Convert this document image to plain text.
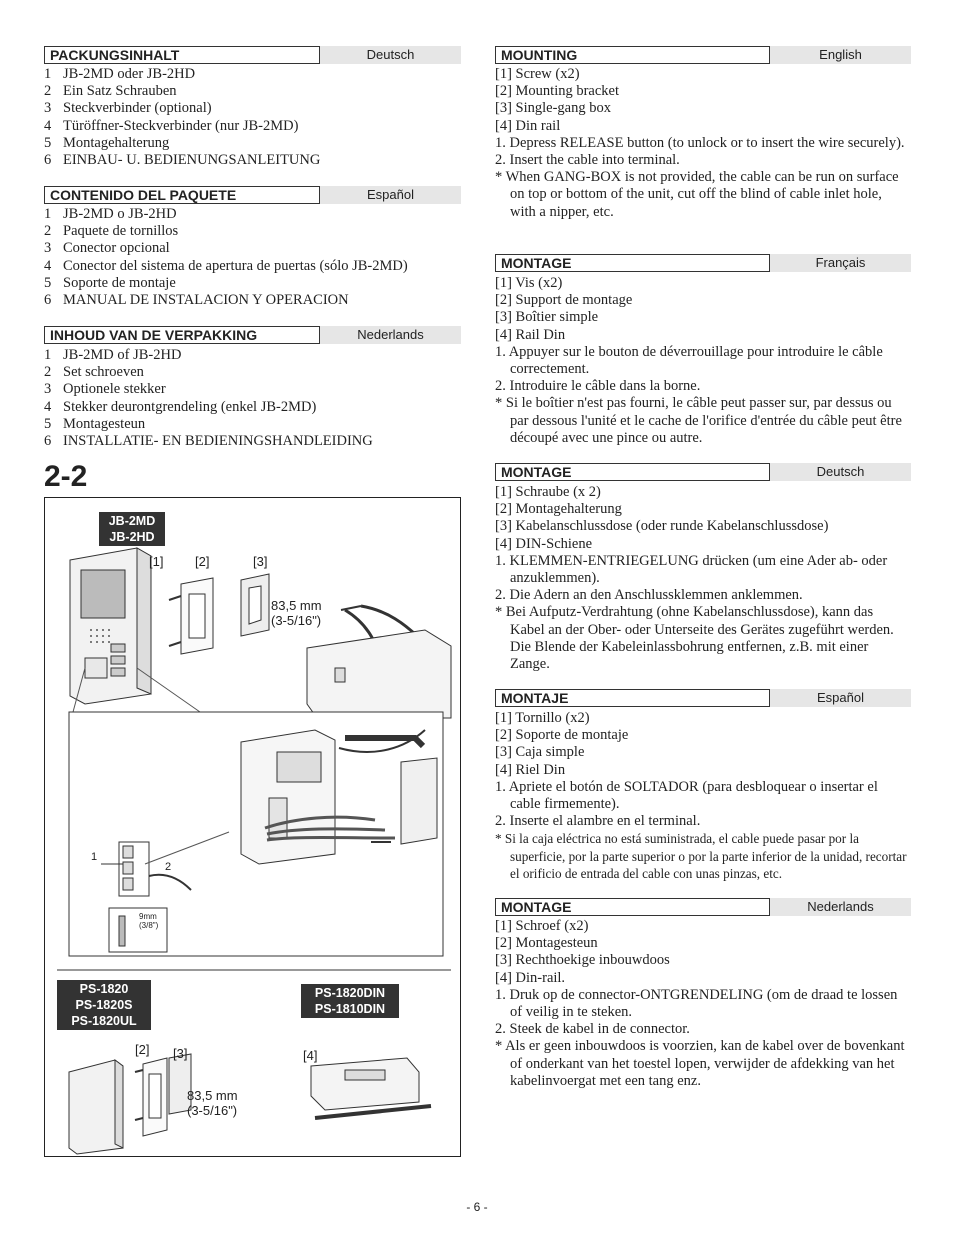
PACKUNGSINHALT	Deutsch
1 JB-2MD oder JB-2HD
2 Ein Satz Schrauben
3 Steckverbinder (optional)
4 Türöffner-Steckverbinder (nur JB-2MD)
5 Montagehalterung
6 EINBAU- U. BEDIENUNGSANLEITUNG
CONTENIDO DEL PAQUETE	Español
1 JB-2MD o JB-2HD
2 Paquete de tornillos
3 Conector opcional
4 Conector del sistema de apertura de puertas (sólo JB-2MD)
5 Soporte de montaje
6 MANUAL DE INSTALACION Y OPERACION
INHOUD VAN DE VERPAKKING	Nederlands
1 JB-2MD of JB-2HD
2 Set schroeven
3 Optionele stekker
4 Stekker deurontgrendeling (enkel JB-2MD)
5 Montagesteun
6 INSTALLATIE- EN BEDIENINGSHANDLEIDING
2-2
JB-2MD
JB-2HD
[1] [2]	[3]
83,5 mm
(3-5/16")
1
2
9mm
(3/8")
PS-1820
PS-1820S
PS-1820UL
PS-1820DIN
PS-1810DIN
[2] [3]	[4]
83,5 mm
(3-5/16")
MOUNTING	English
[1] Screw (x2)
[2] Mounting bracket
[3] Single-gang box
[4] Din rail
1. Depress RELEASE button (to unlock or to insert the wire securely).
2. Insert the cable into terminal.
* When GANG-BOX is not provided, the cable can be run on surface on top or bottom of the unit, cut off the blind of cable inlet hole, with a nipper, etc.
MONTAGE	Français
[1] Vis (x2)
[2] Support de montage
[3] Boîtier simple
[4] Rail Din
1. Appuyer sur le bouton de déverrouillage pour introduire le câble correctement.
2. Introduire le câble dans la borne.
* Si le boîtier n'est pas fourni, le câble peut passer sur, par dessus ou par dessous l'unité et le cache de l'orifice d'entrée du câble peut être découpé avec une pince ou autre.
MONTAGE	Deutsch
[1] Schraube (x 2)
[2] Montagehalterung
[3] Kabelanschlussdose (oder runde Kabelanschlussdose)
[4] DIN-Schiene
1. KLEMMEN-ENTRIEGELUNG drücken (um eine Ader ab- oder anzuklemmen).
2. Die Adern an den Anschlussklemmen anklemmen.
* Bei Aufputz-Verdrahtung (ohne Kabelanschlussdose), kann das Kabel an der Ober- oder Unterseite des Gerätes zugeführt werden. Die Blende der Kabeleinlassbohrung entfernen, z.B. mit einer Zange.
MONTAJE	Español
[1] Tornillo (x2)
[2] Soporte de montaje
[3] Caja simple
[4] Riel Din
1. Apriete el botón de SOLTADOR (para desbloquear o insertar el cable firmemente).
2. Inserte el alambre en el terminal.
* Si la caja eléctrica no está suministrada, el cable puede pasar por la superficie, por la parte superior o por la parte inferior de la unidad, recortar el orificio de entrada del cable con unas pinzas, etc.
MONTAGE	Nederlands
[1] Schroef (x2)
[2] Montagesteun
[3] Rechthoekige inbouwdoos
[4] Din-rail.
1. Druk op de connector-ONTGRENDELING (om de draad te lossen of veilig in te steken.
2. Steek de kabel in de connector.
* Als er geen inbouwdoos is voorzien, kan de kabel over de bovenkant of onderkant van het toestel lopen, verwijder de afdekking van het kabelinvoergat met een tang enz.
- 6 -
